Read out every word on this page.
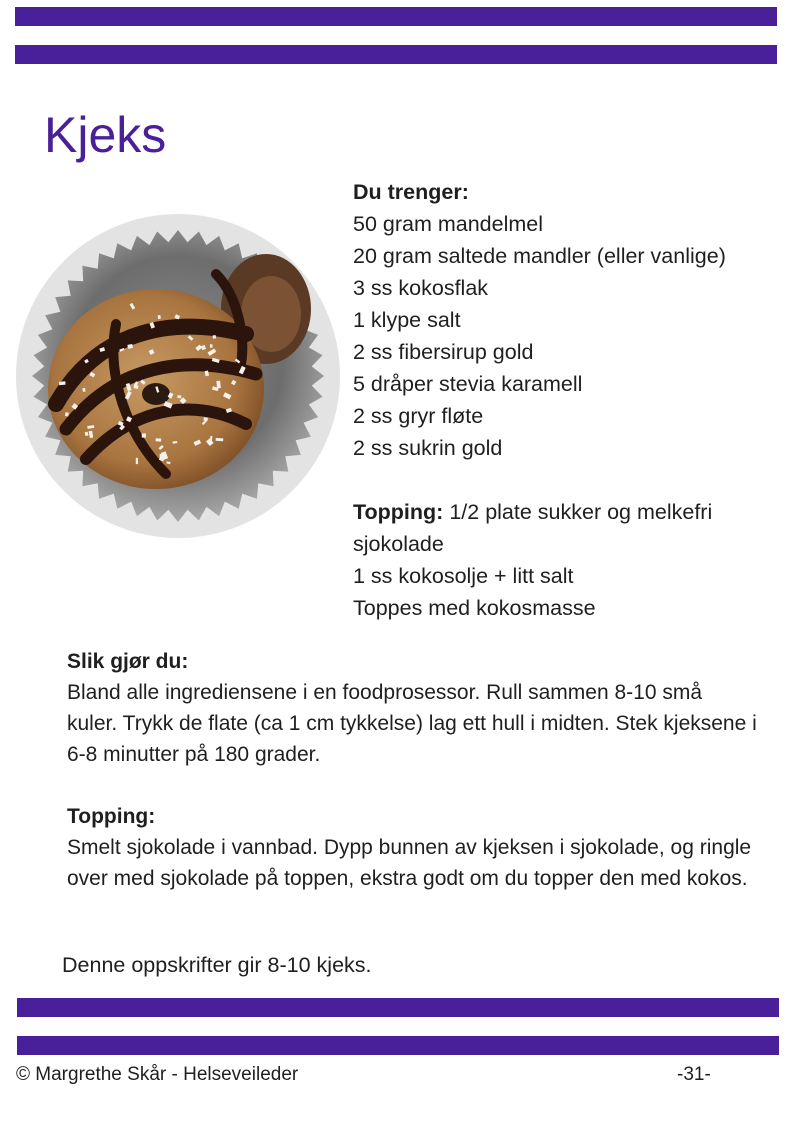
Kjeks
Du trenger:
50 gram mandelmel
20 gram saltede mandler (eller vanlige)
3 ss kokosflak
1 klype salt
2 ss fibersirup gold
5 dråper stevia karamell
2 ss gryr fløte
2 ss sukrin gold
Topping: 1/2 plate sukker og melkefri sjokolade
1 ss kokosolje + litt salt
Toppes med kokosmasse
Slik gjør du:
Bland alle ingrediensene i en foodprosessor. Rull sammen 8-10 små kuler. Trykk de flate (ca 1 cm tykkelse) lag ett hull i midten. Stek kjeksene i 6-8 minutter på 180 grader.
Topping:
Smelt sjokolade i vannbad. Dypp bunnen av kjeksen i sjokolade, og ringle over med sjokolade på toppen, ekstra godt om du topper den med kokos.
Denne oppskrifter gir 8-10 kjeks.
© Margrethe Skår - Helseveileder	-31-
